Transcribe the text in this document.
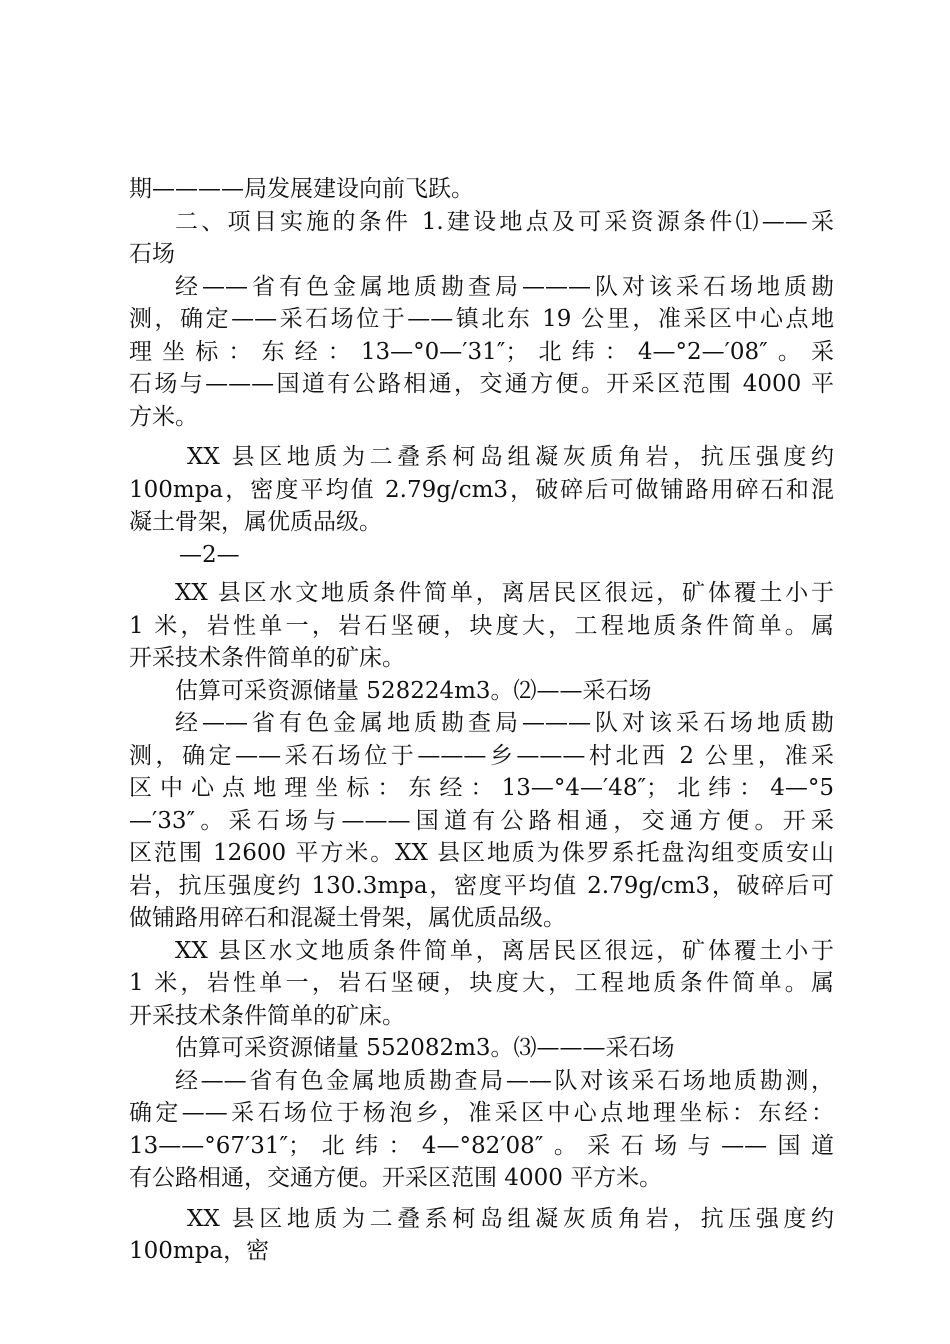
期————局发展建设向前飞跃。
二、项目实施的条件 1.建设地点及可采资源条件⑴——采
石场
经——省有色金属地质勘查局———队对该采石场地质勘
测，确定——采石场位于——镇北东 19 公里，准采区中心点地
理坐标：东经：13—°0—′31″；北纬：4—°2—′08″。采
石场与———国道有公路相通，交通方便。开采区范围 4000 平
方米。
XX 县区地质为二叠系柯岛组凝灰质角岩，抗压强度约
100mpa，密度平均值 2.79g/cm3，破碎后可做铺路用碎石和混
凝土骨架，属优质品级。
—2—
XX 县区水文地质条件简单，离居民区很远，矿体覆土小于
1 米，岩性单一，岩石坚硬，块度大，工程地质条件简单。属
开采技术条件简单的矿床。
估算可采资源储量 528224m3。⑵——采石场
经——省有色金属地质勘查局———队对该采石场地质勘
测，确定——采石场位于———乡———村北西 2 公里，准采
区中心点地理坐标：东经：13—°4—′48″；北纬：4—°5
—′33″。采石场与———国道有公路相通，交通方便。开采
区范围 12600 平方米。XX 县区地质为侏罗系托盘沟组变质安山
岩，抗压强度约 130.3mpa，密度平均值 2.79g/cm3，破碎后可
做铺路用碎石和混凝土骨架，属优质品级。
XX 县区水文地质条件简单，离居民区很远，矿体覆土小于
1 米，岩性单一，岩石坚硬，块度大，工程地质条件简单。属
开采技术条件简单的矿床。
估算可采资源储量 552082m3。⑶———采石场
经——省有色金属地质勘查局——队对该采石场地质勘测，
确定——采石场位于杨泡乡，准采区中心点地理坐标：东经：
13——°67′31″；北纬：4—°82′08″。采石场与——国道
有公路相通，交通方便。开采区范围 4000 平方米。
XX 县区地质为二叠系柯岛组凝灰质角岩，抗压强度约
100mpa，密
